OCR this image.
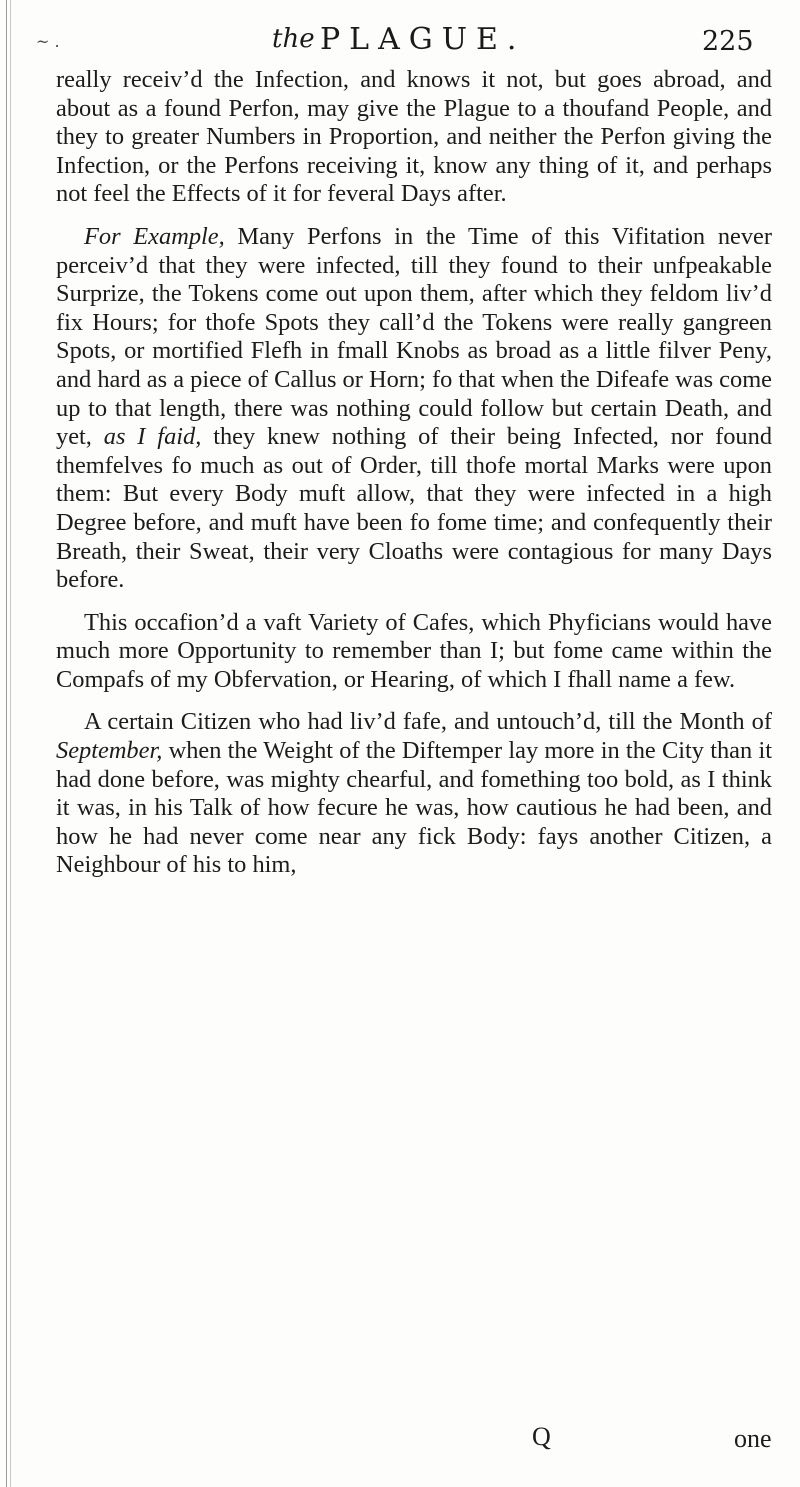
~ .	the PLAGUE.	225

really receiv’d the Infection, and knows it not, but goes abroad, and about as a found Perfon, may give the Plague to a thoufand People, and they to greater Numbers in Proportion, and neither the Perfon giving the Infection, or the Perfons receiving it, know any thing of it, and perhaps not feel the Effects of it for feveral Days after.

For Example, Many Perfons in the Time of this Vifitation never perceiv’d that they were infected, till they found to their unfpeakable Surprize, the Tokens come out upon them, after which they feldom liv’d fix Hours; for thofe Spots they call’d the Tokens were really gangreen Spots, or mortified Flefh in fmall Knobs as broad as a little filver Peny, and hard as a piece of Callus or Horn; fo that when the Difeafe was come up to that length, there was nothing could follow but certain Death, and yet, as I faid, they knew nothing of their being Infected, nor found themfelves fo much as out of Order, till thofe mortal Marks were upon them: But every Body muft allow, that they were infected in a high Degree before, and muft have been fo fome time; and confequently their Breath, their Sweat, their very Cloaths were contagious for many Days before.

This occafion’d a vaft Variety of Cafes, which Phyficians would have much more Opportunity to remember than I; but fome came within the Compafs of my Obfervation, or Hearing, of which I fhall name a few.

A certain Citizen who had liv’d fafe, and untouch’d, till the Month of September, when the Weight of the Diftemper lay more in the City than it had done before, was mighty chearful, and fomething too bold, as I think it was, in his Talk of how fecure he was, how cautious he had been, and how he had never come near any fick Body: fays another Citizen, a Neighbour of his to him,

Q	one
